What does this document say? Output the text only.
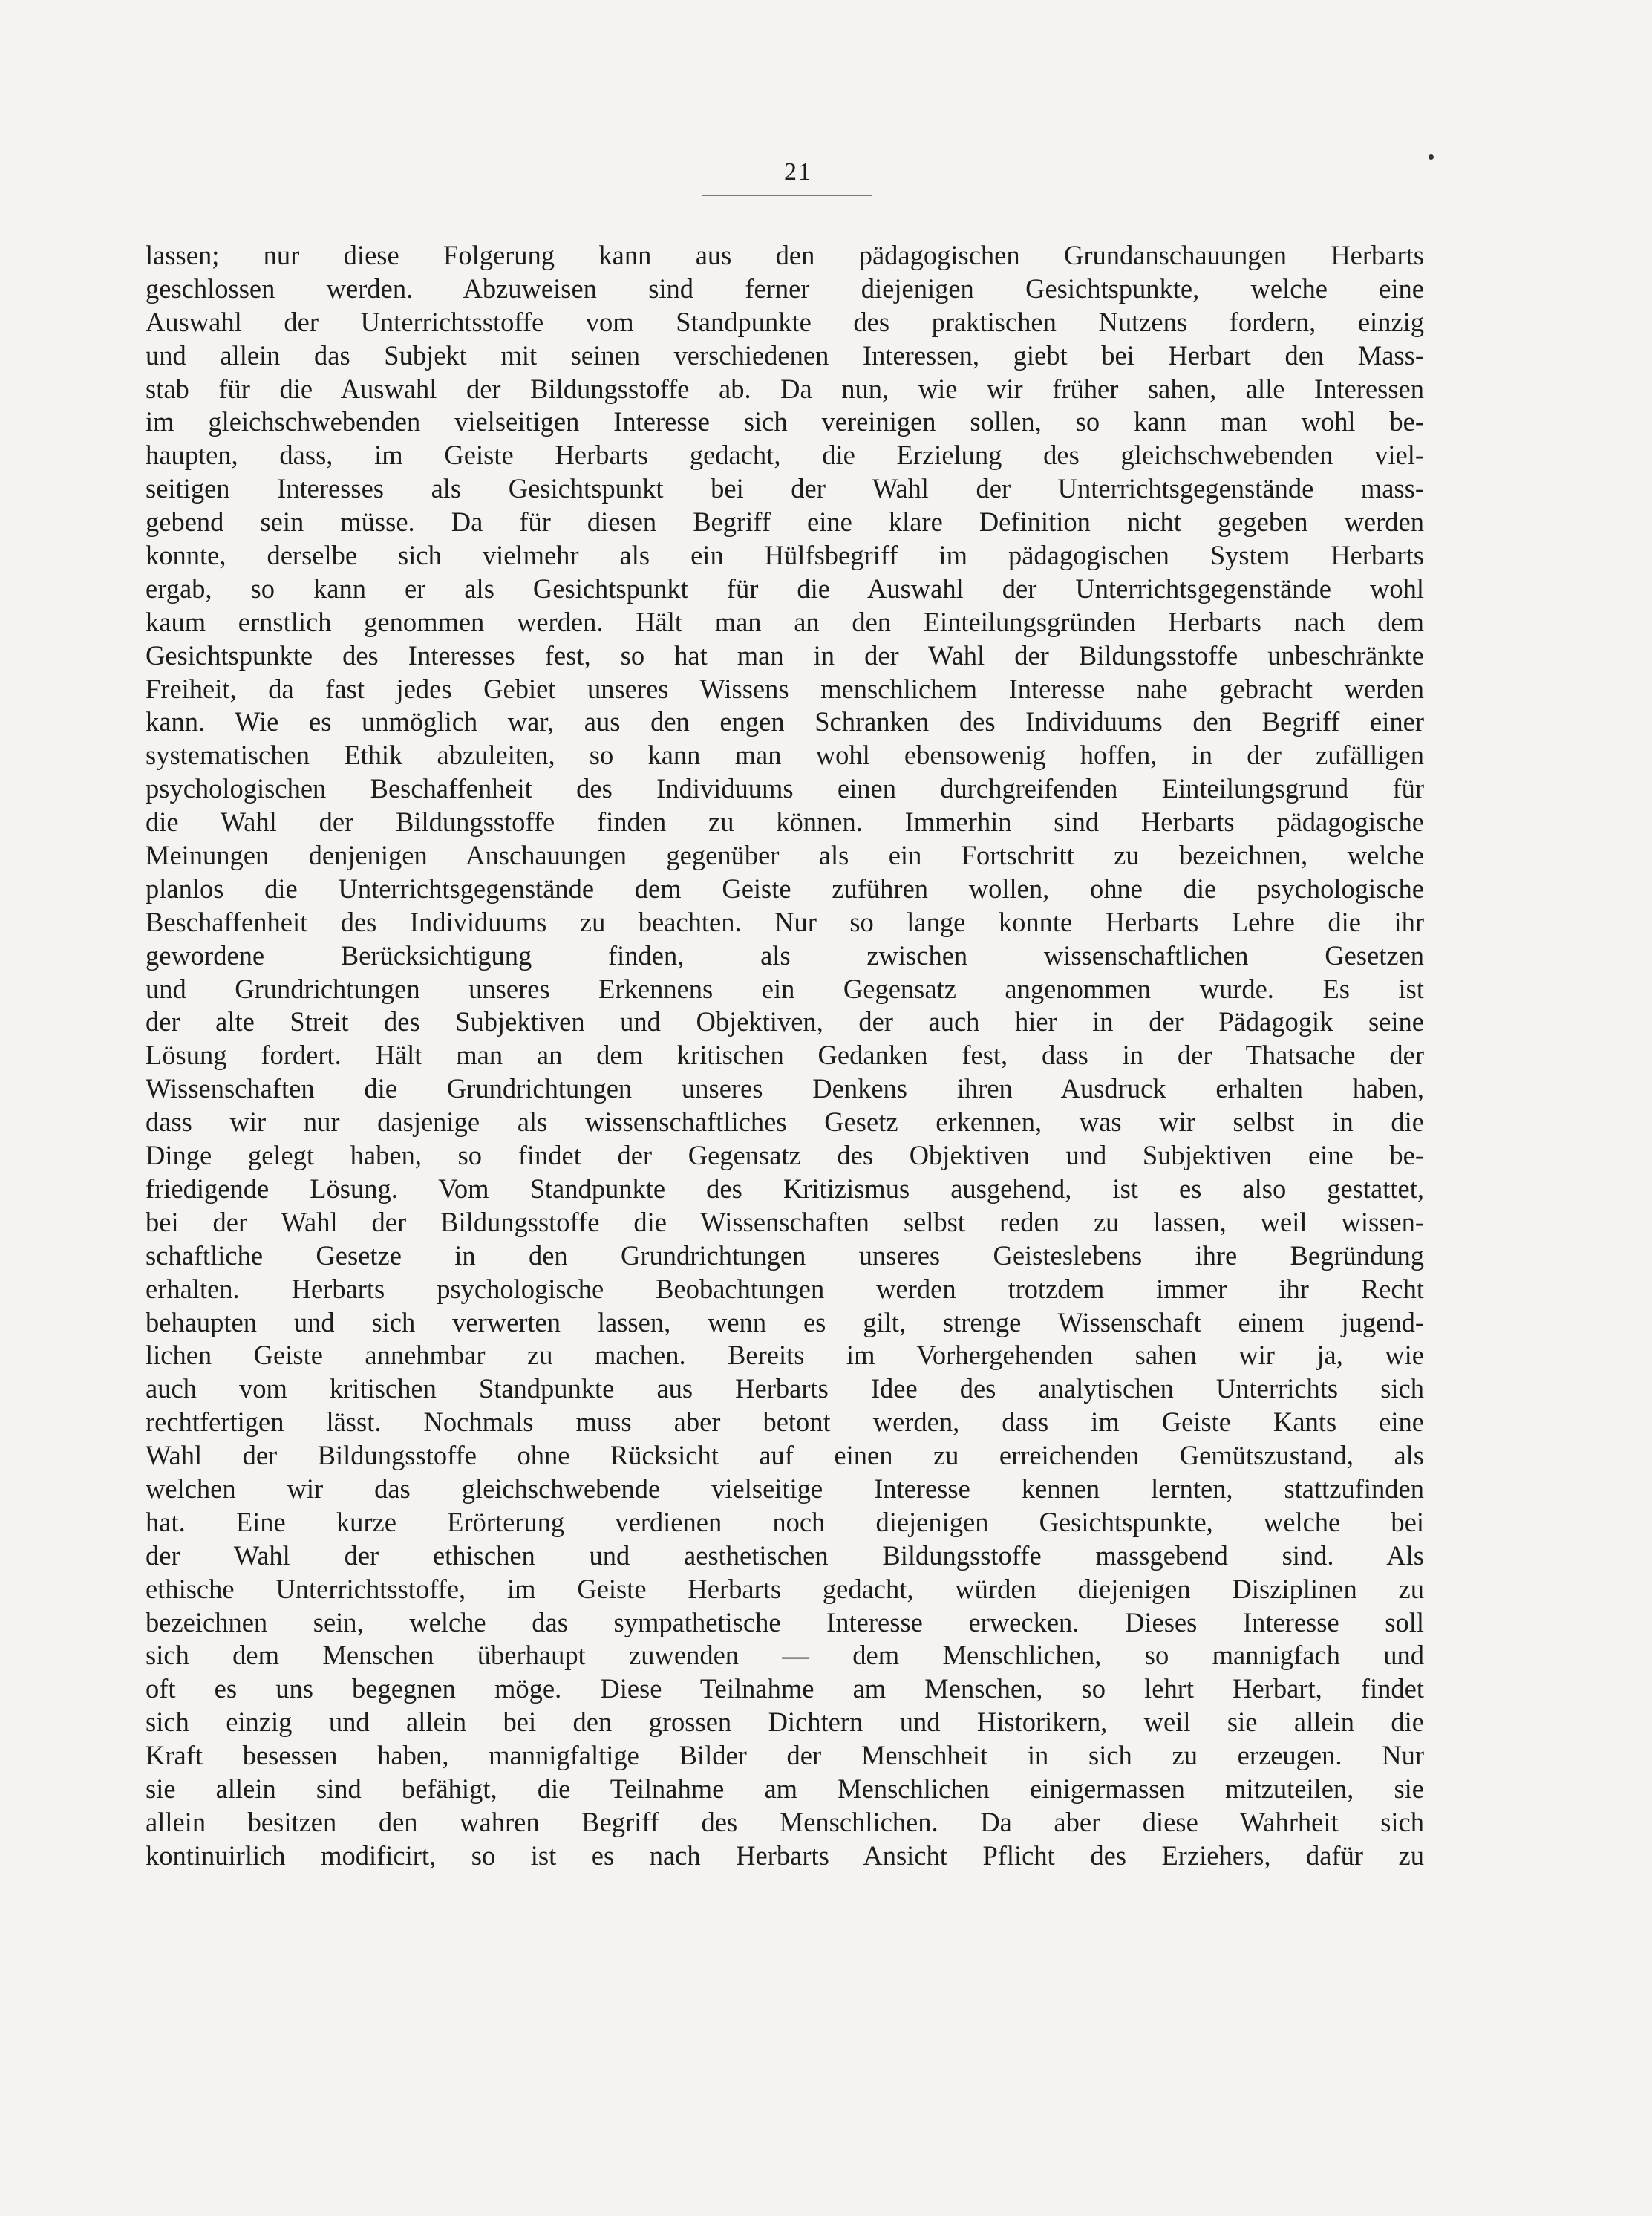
21
lassen; nur diese Folgerung kann aus den pädagogischen Grundanschauungen Herbarts
geschlossen werden. Abzuweisen sind ferner diejenigen Gesichtspunkte, welche eine
Auswahl der Unterrichtsstoffe vom Standpunkte des praktischen Nutzens fordern, einzig
und allein das Subjekt mit seinen verschiedenen Interessen, giebt bei Herbart den Mass-
stab für die Auswahl der Bildungsstoffe ab. Da nun, wie wir früher sahen, alle Interessen
im gleichschwebenden vielseitigen Interesse sich vereinigen sollen, so kann man wohl be-
haupten, dass, im Geiste Herbarts gedacht, die Erzielung des gleichschwebenden viel-
seitigen Interesses als Gesichtspunkt bei der Wahl der Unterrichtsgegenstände mass-
gebend sein müsse. Da für diesen Begriff eine klare Definition nicht gegeben werden
konnte, derselbe sich vielmehr als ein Hülfsbegriff im pädagogischen System Herbarts
ergab, so kann er als Gesichtspunkt für die Auswahl der Unterrichtsgegenstände wohl
kaum ernstlich genommen werden. Hält man an den Einteilungsgründen Herbarts nach dem
Gesichtspunkte des Interesses fest, so hat man in der Wahl der Bildungsstoffe unbeschränkte
Freiheit, da fast jedes Gebiet unseres Wissens menschlichem Interesse nahe gebracht werden
kann. Wie es unmöglich war, aus den engen Schranken des Individuums den Begriff einer
systematischen Ethik abzuleiten, so kann man wohl ebensowenig hoffen, in der zufälligen
psychologischen Beschaffenheit des Individuums einen durchgreifenden Einteilungsgrund für
die Wahl der Bildungsstoffe finden zu können. Immerhin sind Herbarts pädagogische
Meinungen denjenigen Anschauungen gegenüber als ein Fortschritt zu bezeichnen, welche
planlos die Unterrichtsgegenstände dem Geiste zuführen wollen, ohne die psychologische
Beschaffenheit des Individuums zu beachten. Nur so lange konnte Herbarts Lehre die ihr
gewordene Berücksichtigung finden, als zwischen wissenschaftlichen Gesetzen
und Grundrichtungen unseres Erkennens ein Gegensatz angenommen wurde. Es ist
der alte Streit des Subjektiven und Objektiven, der auch hier in der Pädagogik seine
Lösung fordert. Hält man an dem kritischen Gedanken fest, dass in der Thatsache der
Wissenschaften die Grundrichtungen unseres Denkens ihren Ausdruck erhalten haben,
dass wir nur dasjenige als wissenschaftliches Gesetz erkennen, was wir selbst in die
Dinge gelegt haben, so findet der Gegensatz des Objektiven und Subjektiven eine be-
friedigende Lösung. Vom Standpunkte des Kritizismus ausgehend, ist es also gestattet,
bei der Wahl der Bildungsstoffe die Wissenschaften selbst reden zu lassen, weil wissen-
schaftliche Gesetze in den Grundrichtungen unseres Geisteslebens ihre Begründung
erhalten. Herbarts psychologische Beobachtungen werden trotzdem immer ihr Recht
behaupten und sich verwerten lassen, wenn es gilt, strenge Wissenschaft einem jugend-
lichen Geiste annehmbar zu machen. Bereits im Vorhergehenden sahen wir ja, wie
auch vom kritischen Standpunkte aus Herbarts Idee des analytischen Unterrichts sich
rechtfertigen lässt. Nochmals muss aber betont werden, dass im Geiste Kants eine
Wahl der Bildungsstoffe ohne Rücksicht auf einen zu erreichenden Gemütszustand, als
welchen wir das gleichschwebende vielseitige Interesse kennen lernten, stattzufinden
hat. Eine kurze Erörterung verdienen noch diejenigen Gesichtspunkte, welche bei
der Wahl der ethischen und aesthetischen Bildungsstoffe massgebend sind. Als
ethische Unterrichtsstoffe, im Geiste Herbarts gedacht, würden diejenigen Disziplinen zu
bezeichnen sein, welche das sympathetische Interesse erwecken. Dieses Interesse soll
sich dem Menschen überhaupt zuwenden — dem Menschlichen, so mannigfach und
oft es uns begegnen möge. Diese Teilnahme am Menschen, so lehrt Herbart, findet
sich einzig und allein bei den grossen Dichtern und Historikern, weil sie allein die
Kraft besessen haben, mannigfaltige Bilder der Menschheit in sich zu erzeugen. Nur
sie allein sind befähigt, die Teilnahme am Menschlichen einigermassen mitzuteilen, sie
allein besitzen den wahren Begriff des Menschlichen. Da aber diese Wahrheit sich
kontinuirlich modificirt, so ist es nach Herbarts Ansicht Pflicht des Erziehers, dafür zu
